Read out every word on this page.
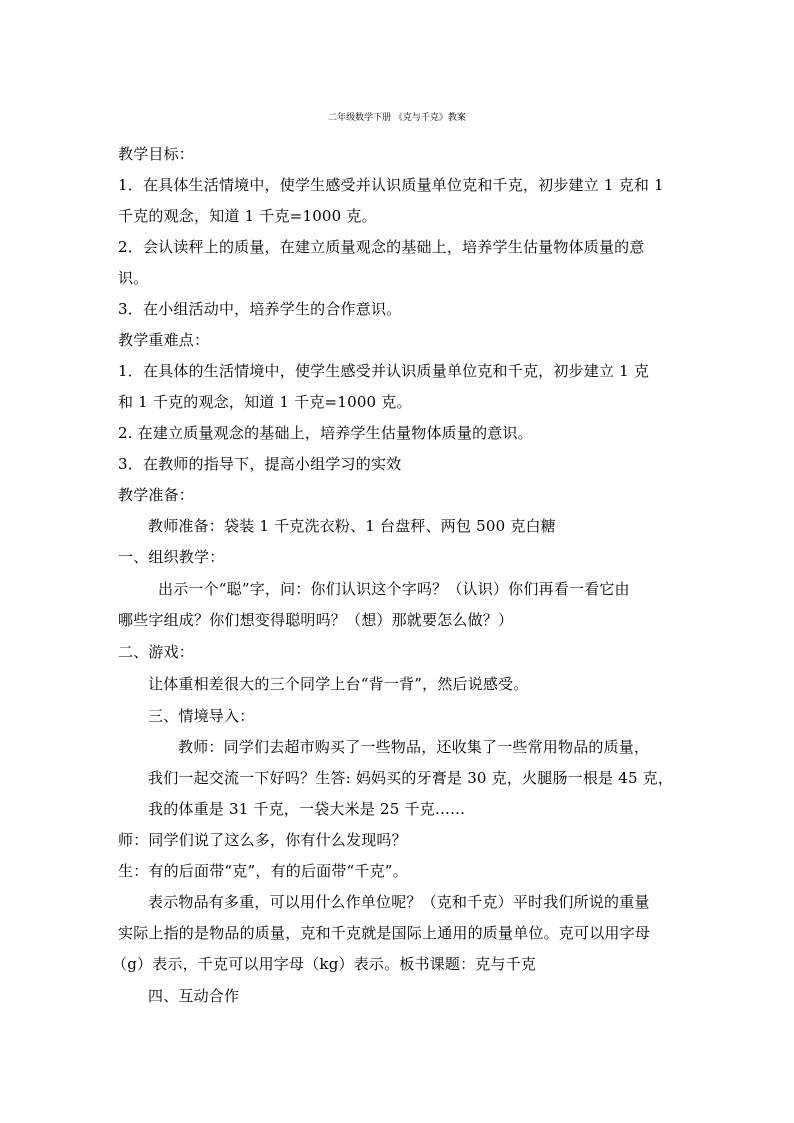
二年级数学下册 《克与千克》教案
教学目标：
1．在具体生活情境中，使学生感受并认识质量单位克和千克，初步建立 1 克和 1
千克的观念，知道 1 千克=1000 克。
2．会认读秤上的质量，在建立质量观念的基础上，培养学生估量物体质量的意
识。
3．在小组活动中，培养学生的合作意识。
教学重难点：
1．在具体的生活情境中，使学生感受并认识质量单位克和千克，初步建立 1 克
和 1 千克的观念，知道 1 千克=1000 克。
2. 在建立质量观念的基础上，培养学生估量物体质量的意识。
3．在教师的指导下，提高小组学习的实效
教学准备：
教师准备：袋装 1 千克洗衣粉、1 台盘秤、两包 500 克白糖
一、组织教学：
出示一个“聪”字，问：你们认识这个字吗？（认识）你们再看一看它由
哪些字组成？你们想变得聪明吗？（想）那就要怎么做？）
二、游戏：
让体重相差很大的三个同学上台“背一背”，然后说感受。
三、情境导入：
教师：同学们去超市购买了一些物品，还收集了一些常用物品的质量，
我们一起交流一下好吗？生答: 妈妈买的牙膏是 30 克，火腿肠一根是 45 克，
我的体重是 31 千克，一袋大米是 25 千克……
师：同学们说了这么多，你有什么发现吗？
生：有的后面带“克”，有的后面带“千克”。
表示物品有多重，可以用什么作单位呢？（克和千克）平时我们所说的重量
实际上指的是物品的质量，克和千克就是国际上通用的质量单位。克可以用字母
（g）表示，千克可以用字母（kg）表示。板书课题：克与千克
四、互动合作
